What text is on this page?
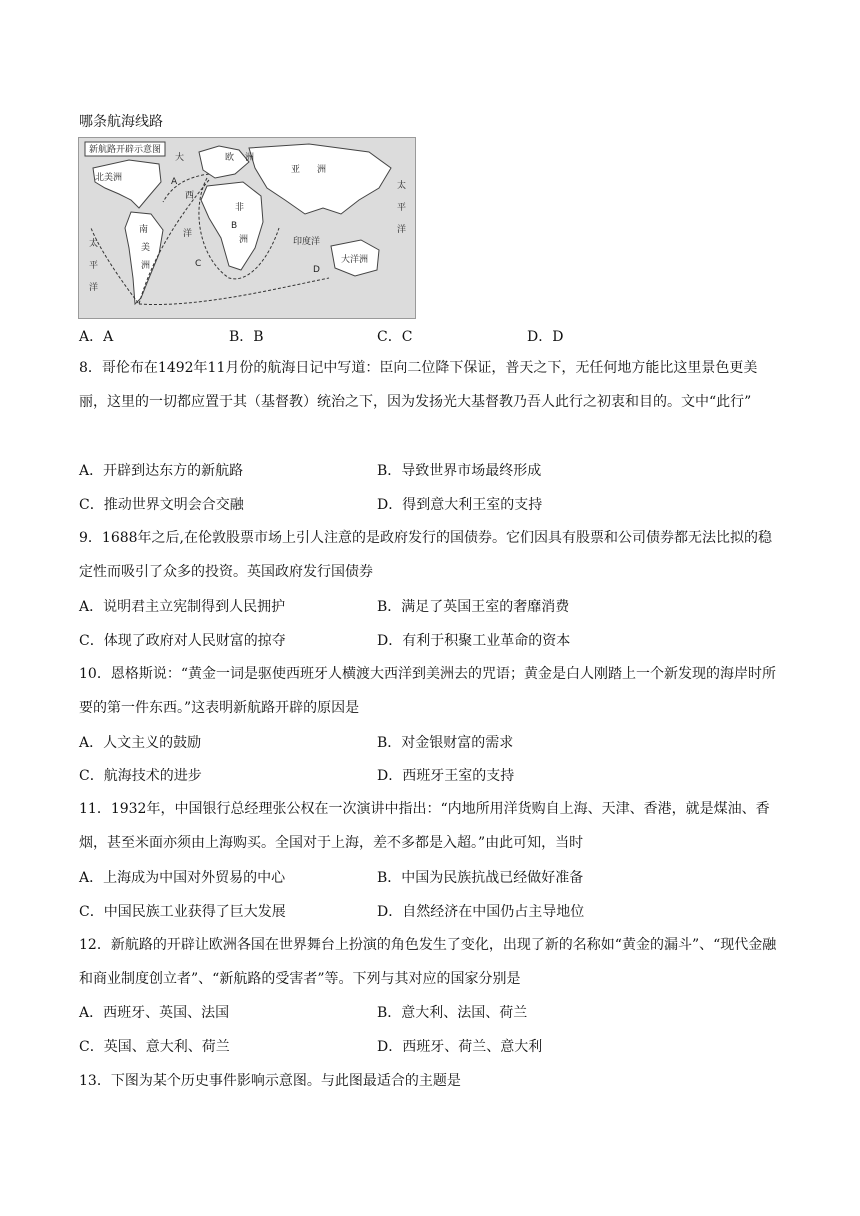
哪条航海线路
新航路开辟示意图
北美洲
大
西
洋
欧 洲
亚 洲
非
洲
南
美
洲
太
平
洋
太
平
洋
印度洋
大洋洲
A
B
C
D
A．A	B．B	C．C	D．D
8．哥伦布在1492年11月份的航海日记中写道：臣向二位降下保证，普天之下，无任何地方能比这里景色更美丽，这里的一切都应置于其（基督教）统治之下，因为发扬光大基督教乃吾人此行之初衷和目的。文中“此行”
A．开辟到达东方的新航路	B．导致世界市场最终形成
C．推动世界文明会合交融	D．得到意大利王室的支持
9．1688年之后,在伦敦股票市场上引人注意的是政府发行的国债券。它们因具有股票和公司债券都无法比拟的稳定性而吸引了众多的投资。英国政府发行国债券
A．说明君主立宪制得到人民拥护	B．满足了英国王室的奢靡消费
C．体现了政府对人民财富的掠夺	D．有利于积聚工业革命的资本
10．恩格斯说：“黄金一词是驱使西班牙人横渡大西洋到美洲去的咒语；黄金是白人刚踏上一个新发现的海岸时所要的第一件东西。”这表明新航路开辟的原因是
A．人文主义的鼓励	B．对金银财富的需求
C．航海技术的进步	D．西班牙王室的支持
11．1932年，中国银行总经理张公权在一次演讲中指出：“内地所用洋货购自上海、天津、香港，就是煤油、香烟，甚至米面亦须由上海购买。全国对于上海，差不多都是入超。”由此可知，当时
A．上海成为中国对外贸易的中心	B．中国为民族抗战已经做好准备
C．中国民族工业获得了巨大发展	D．自然经济在中国仍占主导地位
12．新航路的开辟让欧洲各国在世界舞台上扮演的角色发生了变化，出现了新的名称如“黄金的漏斗”、“现代金融和商业制度创立者”、“新航路的受害者”等。下列与其对应的国家分别是
A．西班牙、英国、法国	B．意大利、法国、荷兰
C．英国、意大利、荷兰	D．西班牙、荷兰、意大利
13．下图为某个历史事件影响示意图。与此图最适合的主题是
